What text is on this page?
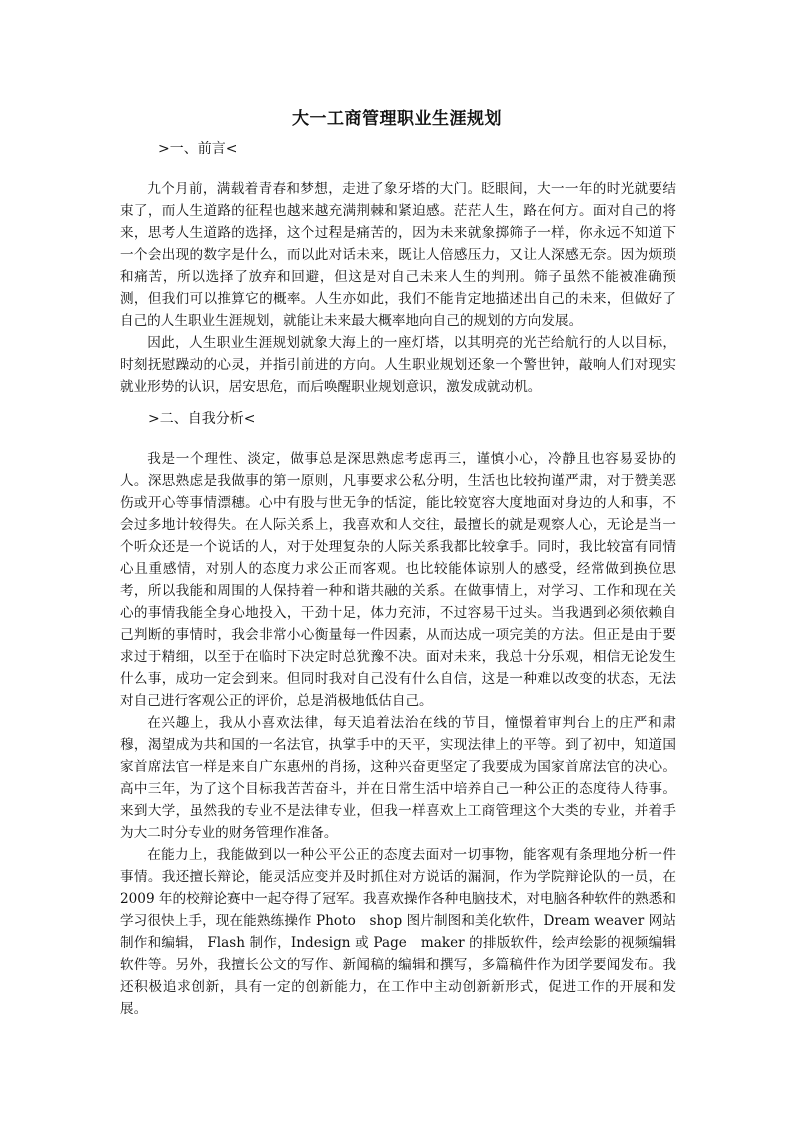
大一工商管理职业生涯规划
>一、前言<

九个月前，满载着青春和梦想，走进了象牙塔的大门。眨眼间，大一一年的时光就要结束了，而人生道路的征程也越来越充满荆棘和紧迫感。茫茫人生，路在何方。面对自己的将来，思考人生道路的选择，这个过程是痛苦的，因为未来就象掷筛子一样，你永远不知道下一个会出现的数字是什么，而以此对话未来，既让人倍感压力，又让人深感无奈。因为烦琐和痛苦，所以选择了放弃和回避，但这是对自己未来人生的判刑。筛子虽然不能被准确预测，但我们可以推算它的概率。人生亦如此，我们不能肯定地描述出自己的未来，但做好了自己的人生职业生涯规划，就能让未来最大概率地向自己的规划的方向发展。

因此，人生职业生涯规划就象大海上的一座灯塔，以其明亮的光芒给航行的人以目标，时刻抚慰躁动的心灵，并指引前进的方向。人生职业规划还象一个警世钟，敲响人们对现实就业形势的认识，居安思危，而后唤醒职业规划意识，激发成就动机。

>二、自我分析<

我是一个理性、淡定，做事总是深思熟虑考虑再三，谨慎小心，冷静且也容易妥协的人。深思熟虑是我做事的第一原则，凡事要求公私分明，生活也比较拘谨严肃，对于赞美恶伤或开心等事情漂穗。心中有股与世无争的恬淀，能比较宽容大度地面对身边的人和事，不会过多地计较得失。在人际关系上，我喜欢和人交往，最擅长的就是观察人心，无论是当一个听众还是一个说话的人，对于处理复杂的人际关系我都比较拿手。同时，我比较富有同情心且重感情，对别人的态度力求公正而客观。也比较能体谅别人的感受，经常做到换位思考，所以我能和周围的人保持着一种和谐共融的关系。在做事情上，对学习、工作和现在关心的事情我能全身心地投入，干劲十足，体力充沛，不过容易干过头。当我遇到必须依赖自己判断的事情时，我会非常小心衡量每一件因素，从而达成一项完美的方法。但正是由于要求过于精细，以至于在临时下决定时总犹豫不决。面对未来，我总十分乐观，相信无论发生什么事，成功一定会到来。但同时我对自己没有什么自信，这是一种难以改变的状态，无法对自己进行客观公正的评价，总是消极地低估自己。

在兴趣上，我从小喜欢法律，每天追着法治在线的节目，憧憬着审判台上的庄严和肃穆，渴望成为共和国的一名法官，执掌手中的天平，实现法律上的平等。到了初中，知道国家首席法官一样是来自广东惠州的肖扬，这种兴奋更坚定了我要成为国家首席法官的决心。高中三年，为了这个目标我苦苦奋斗，并在日常生活中培养自己一种公正的态度待人待事。来到大学，虽然我的专业不是法律专业，但我一样喜欢上工商管理这个大类的专业，并着手为大二时分专业的财务管理作准备。

在能力上，我能做到以一种公平公正的态度去面对一切事物，能客观有条理地分析一件事情。我还擅长辩论，能灵活应变并及时抓住对方说话的漏洞，作为学院辩论队的一员，在 2009 年的校辩论赛中一起夺得了冠军。我喜欢操作各种电脑技术，对电脑各种软件的熟悉和学习很快上手，现在能熟练操作 Photo　shop 图片制图和美化软件，Dream weaver 网站制作和编辑， Flash 制作，Indesign 或 Page　maker 的排版软件，绘声绘影的视频编辑软件等。另外，我擅长公文的写作、新闻稿的编辑和撰写，多篇稿件作为团学要闻发布。我还积极追求创新，具有一定的创新能力，在工作中主动创新新形式，促进工作的开展和发展。
